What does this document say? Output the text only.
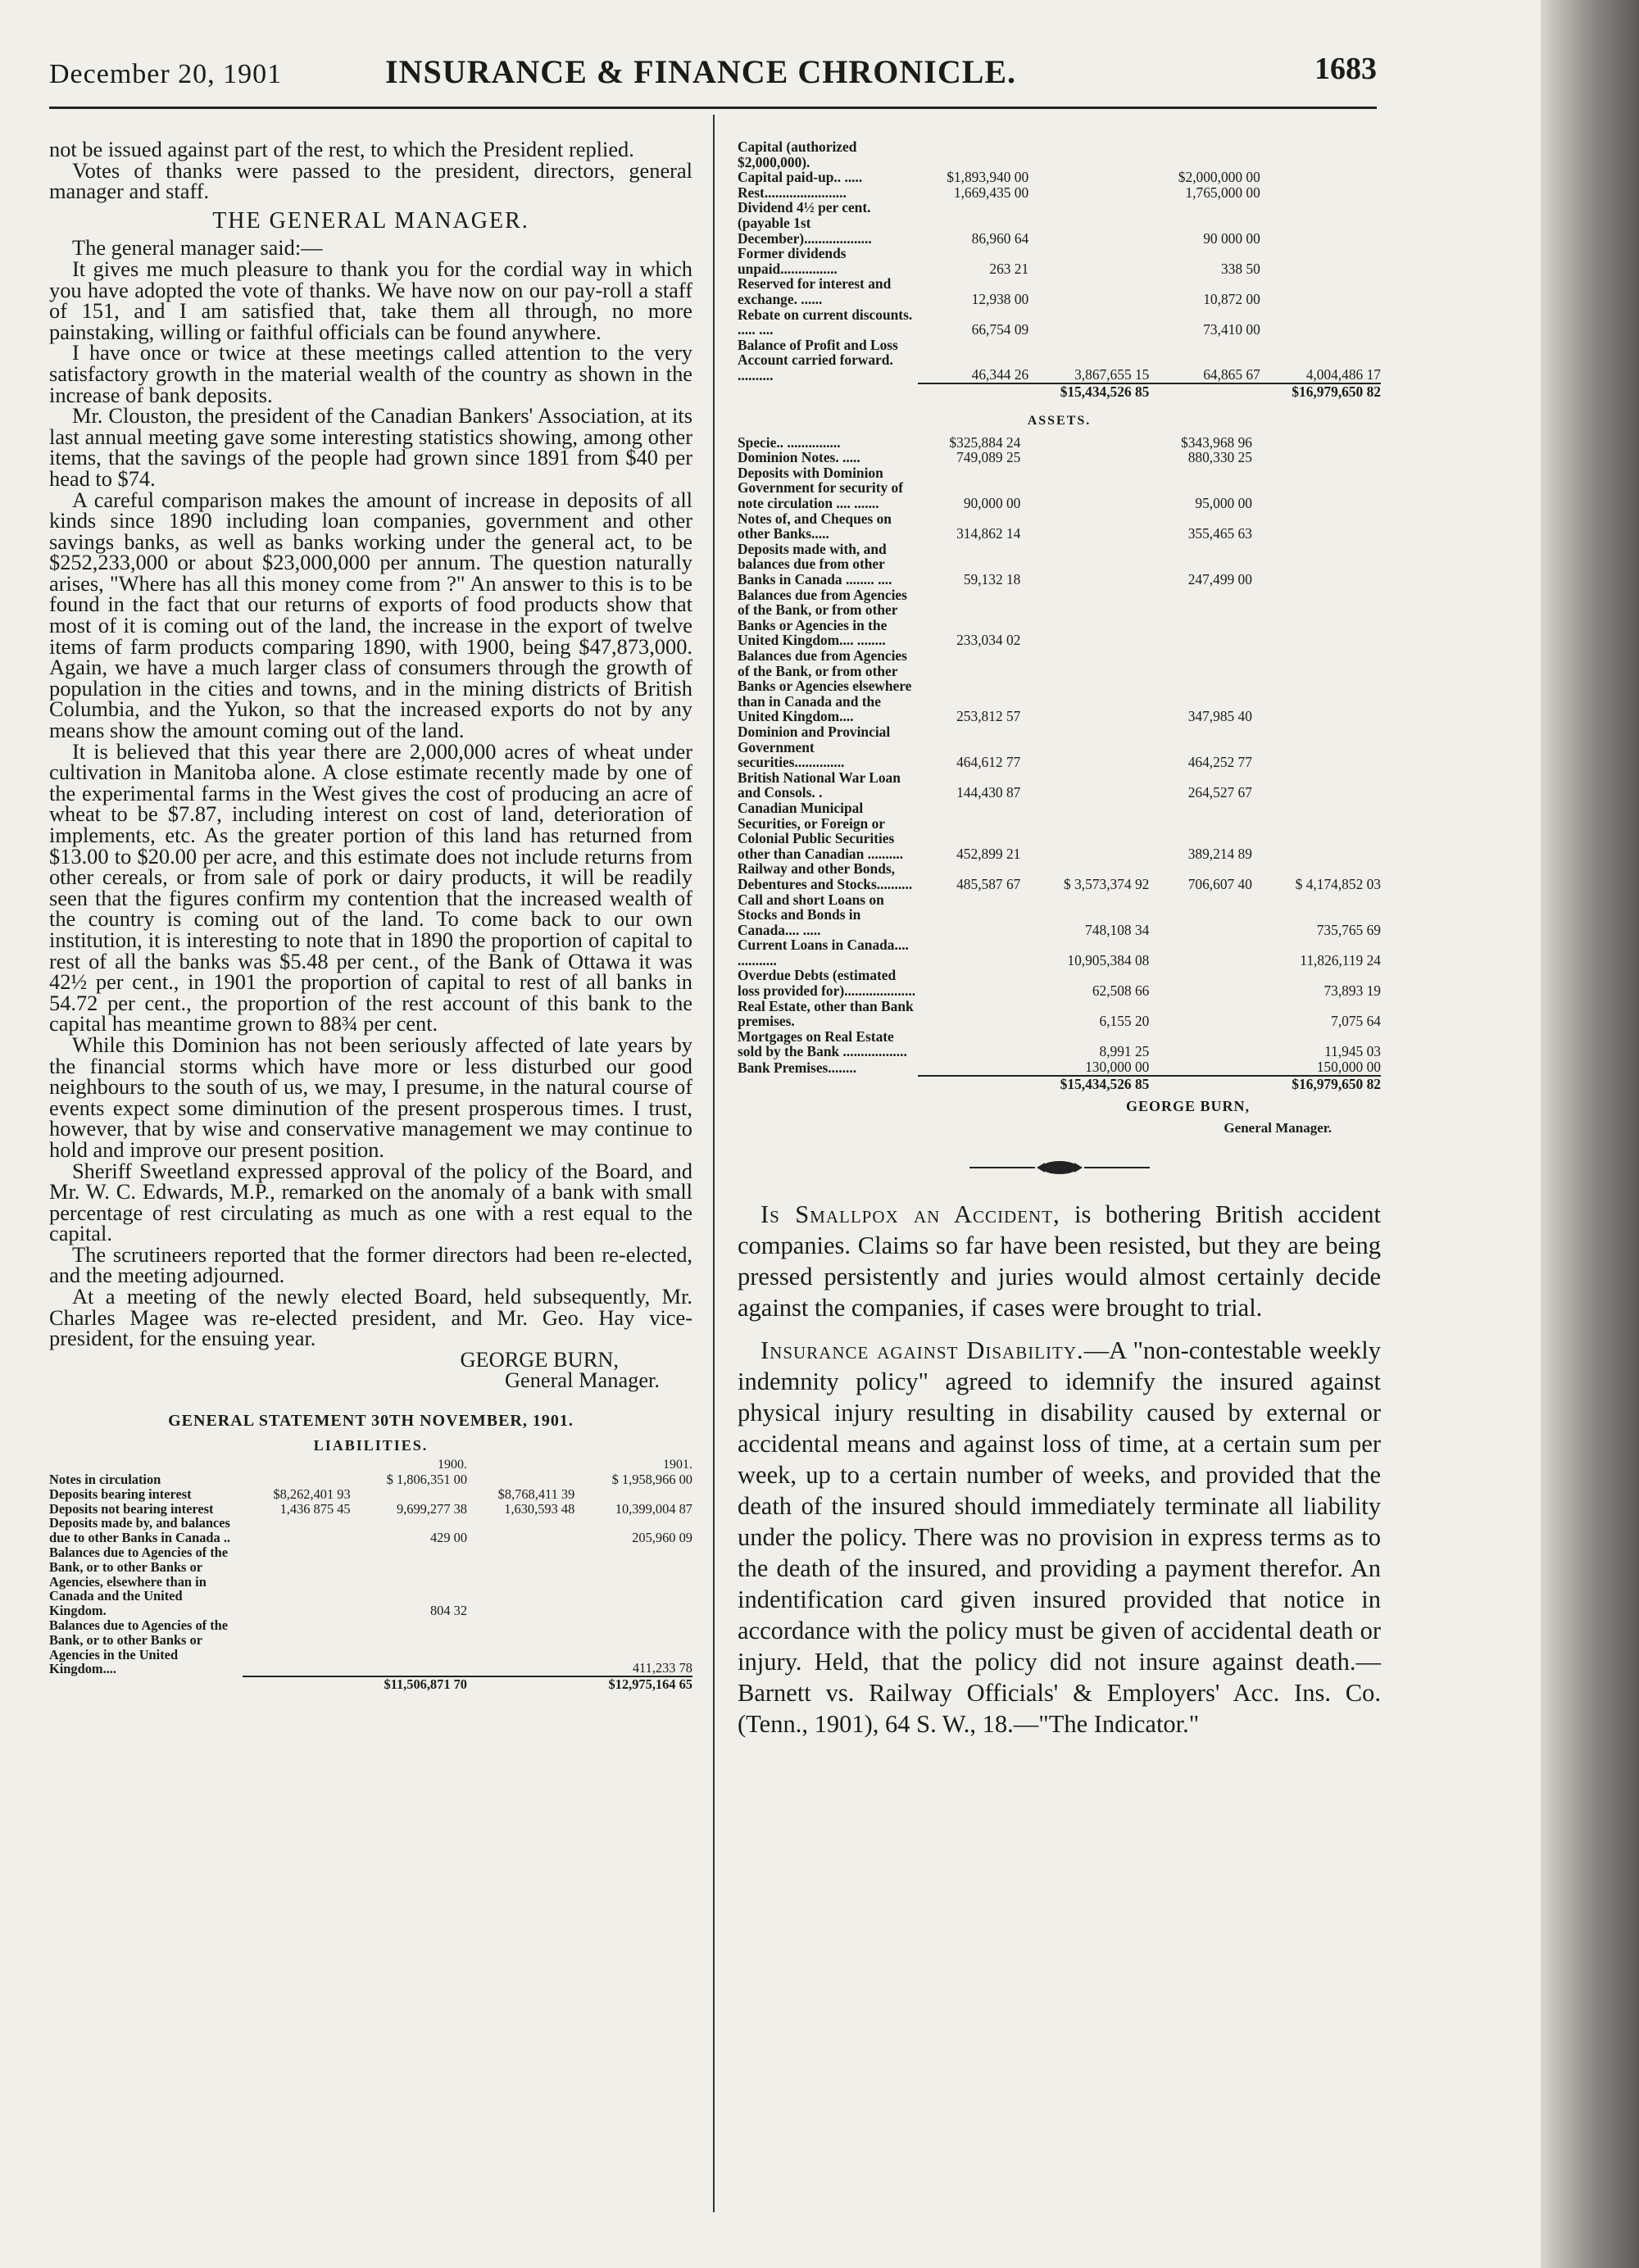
December 20, 1901	INSURANCE & FINANCE CHRONICLE.	1683

not be issued against part of the rest, to which the President replied.

Votes of thanks were passed to the president, directors, general manager and staff.

THE GENERAL MANAGER.

The general manager said:—

It gives me much pleasure to thank you for the cordial way in which you have adopted the vote of thanks. We have now on our pay-roll a staff of 151, and I am satisfied that, take them all through, no more painstaking, willing or faithful officials can be found anywhere.

I have once or twice at these meetings called attention to the very satisfactory growth in the material wealth of the country as shown in the increase of bank deposits.

Mr. Clouston, the president of the Canadian Bankers' Association, at its last annual meeting gave some interesting statistics showing, among other items, that the savings of the people had grown since 1891 from $40 per head to $74.

A careful comparison makes the amount of increase in deposits of all kinds since 1890 including loan companies, government and other savings banks, as well as banks working under the general act, to be $252,233,000 or about $23,000,000 per annum. The question naturally arises, "Where has all this money come from ?" An answer to this is to be found in the fact that our returns of exports of food products show that most of it is coming out of the land, the increase in the export of twelve items of farm products comparing 1890, with 1900, being $47,873,000. Again, we have a much larger class of consumers through the growth of population in the cities and towns, and in the mining districts of British Columbia, and the Yukon, so that the increased exports do not by any means show the amount coming out of the land.

It is believed that this year there are 2,000,000 acres of wheat under cultivation in Manitoba alone. A close estimate recently made by one of the experimental farms in the West gives the cost of producing an acre of wheat to be $7.87, including interest on cost of land, deterioration of implements, etc. As the greater portion of this land has returned from $13.00 to $20.00 per acre, and this estimate does not include returns from other cereals, or from sale of pork or dairy products, it will be readily seen that the figures confirm my contention that the increased wealth of the country is coming out of the land. To come back to our own institution, it is interesting to note that in 1890 the proportion of capital to rest of all the banks was $5.48 per cent., of the Bank of Ottawa it was 42½ per cent., in 1901 the proportion of capital to rest of all banks in 54.72 per cent., the proportion of the rest account of this bank to the capital has meantime grown to 88¾ per cent.

While this Dominion has not been seriously affected of late years by the financial storms which have more or less disturbed our good neighbours to the south of us, we may, I presume, in the natural course of events expect some diminution of the present prosperous times. I trust, however, that by wise and conservative management we may continue to hold and improve our present position.

Sheriff Sweetland expressed approval of the policy of the Board, and Mr. W. C. Edwards, M.P., remarked on the anomaly of a bank with small percentage of rest circulating as much as one with a rest equal to the capital.

The scrutineers reported that the former directors had been re-elected, and the meeting adjourned.

At a meeting of the newly elected Board, held subsequently, Mr. Charles Magee was re-elected president, and Mr. Geo. Hay vice-president, for the ensuing year.

GEORGE BURN,

General Manager.

GENERAL STATEMENT 30TH NOVEMBER, 1901.
LIABILITIES.
		1900.		1901.
Notes in circulation		$ 1,806,351 00		$ 1,958,966 00
Deposits bearing interest	$8,262,401 93		$8,768,411 39	
Deposits not bearing interest	1,436 875 45	9,699,277 38	1,630,593 48	10,399,004 87
Deposits made by, and balances due to other Banks in Canada ..		429 00		205,960 09
Balances due to Agencies of the Bank, or to other Banks or Agencies, elsewhere than in Canada and the United Kingdom.		804 32		
Balances due to Agencies of the Bank, or to other Banks or Agencies in the United Kingdom....				411,233 78
		$11,506,871 70		$12,975,164 65
Capital (authorized $2,000,000).				
Capital paid-up.. .....	$1,893,940 00		$2,000,000 00	
Rest.......................	1,669,435 00		1,765,000 00	
Dividend 4½ per cent. (payable 1st December)...................	86,960 64		90 000 00	
Former dividends unpaid................	263 21		338 50	
Reserved for interest and exchange. ......	12,938 00		10,872 00	
Rebate on current discounts. ..... ....	66,754 09		73,410 00	
Balance of Profit and Loss Account carried forward. ..........	46,344 26	3,867,655 15	64,865 67	4,004,486 17
		$15,434,526 85		$16,979,650 82
ASSETS.
Specie.. ...............	$325,884 24		$343,968 96	
Dominion Notes. .....	749,089 25		880,330 25	
Deposits with Dominion Government for security of note circulation .... .......	90,000 00		95,000 00	
Notes of, and Cheques on other Banks.....	314,862 14		355,465 63	
Deposits made with, and balances due from other Banks in Canada ........ ....	59,132 18		247,499 00	
Balances due from Agencies of the Bank, or from other Banks or Agencies in the United Kingdom.... ........	233,034 02			
Balances due from Agencies of the Bank, or from other Banks or Agencies elsewhere than in Canada and the United Kingdom....	253,812 57		347,985 40	
Dominion and Provincial Government securities..............	464,612 77		464,252 77	
British National War Loan and Consols. .	144,430 87		264,527 67	
Canadian Municipal Securities, or Foreign or Colonial Public Securities other than Canadian ..........	452,899 21		389,214 89	
Railway and other Bonds, Debentures and Stocks..........	485,587 67	$ 3,573,374 92	706,607 40	$ 4,174,852 03
Call and short Loans on Stocks and Bonds in Canada.... .....		748,108 34		735,765 69
Current Loans in Canada.... ...........		10,905,384 08		11,826,119 24
Overdue Debts (estimated loss provided for)....................		62,508 66		73,893 19
Real Estate, other than Bank premises.		6,155 20		7,075 64
Mortgages on Real Estate sold by the Bank ..................		8,991 25		11,945 03
Bank Premises........		130,000 00		150,000 00
		$15,434,526 85		$16,979,650 82
GEORGE BURN,
General Manager.

Is Smallpox an Accident, is bothering British accident companies. Claims so far have been resisted, but they are being pressed persistently and juries would almost certainly decide against the companies, if cases were brought to trial.

Insurance against Disability.—A "non-contestable weekly indemnity policy" agreed to idemnify the insured against physical injury resulting in disability caused by external or accidental means and against loss of time, at a certain sum per week, up to a certain number of weeks, and provided that the death of the insured should immediately terminate all liability under the policy. There was no provision in express terms as to the death of the insured, and providing a payment therefor. An indentification card given insured provided that notice in accordance with the policy must be given of accidental death or injury. Held, that the policy did not insure against death.—Barnett vs. Railway Officials' & Employers' Acc. Ins. Co. (Tenn., 1901), 64 S. W., 18.—"The Indicator."
